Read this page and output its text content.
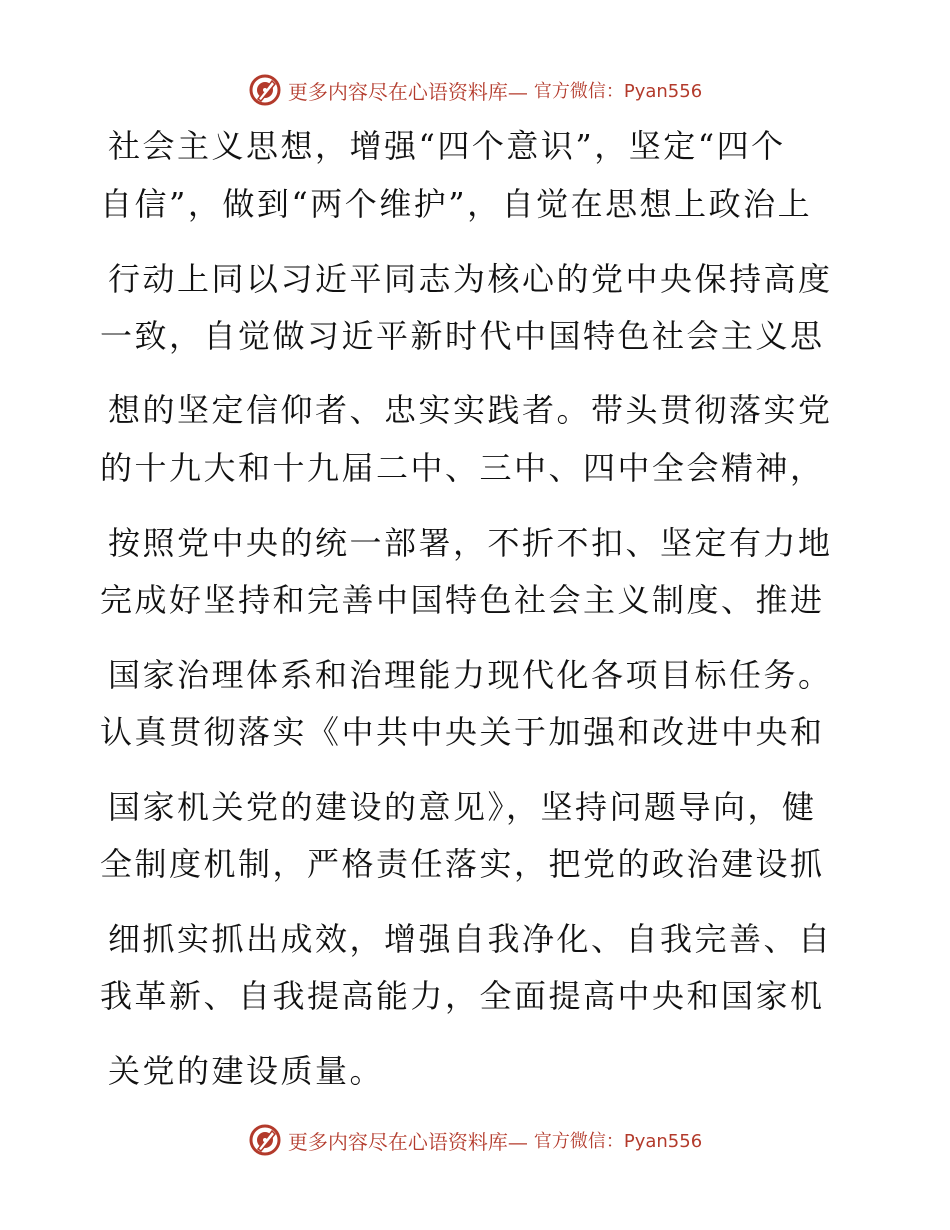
更多内容尽在心语资料库— 官方微信：Pyan556
社会主义思想，增强“四个意识”，坚定“四个
自信”，做到“两个维护”，自觉在思想上政治上
行动上同以习近平同志为核心的党中央保持高度
一致，自觉做习近平新时代中国特色社会主义思
想的坚定信仰者、忠实实践者。带头贯彻落实党
的十九大和十九届二中、三中、四中全会精神，
按照党中央的统一部署，不折不扣、坚定有力地
完成好坚持和完善中国特色社会主义制度、推进
国家治理体系和治理能力现代化各项目标任务。
认真贯彻落实《中共中央关于加强和改进中央和
国家机关党的建设的意见》，坚持问题导向，健
全制度机制，严格责任落实，把党的政治建设抓
细抓实抓出成效，增强自我净化、自我完善、自
我革新、自我提高能力，全面提高中央和国家机
关党的建设质量。
更多内容尽在心语资料库— 官方微信：Pyan556
